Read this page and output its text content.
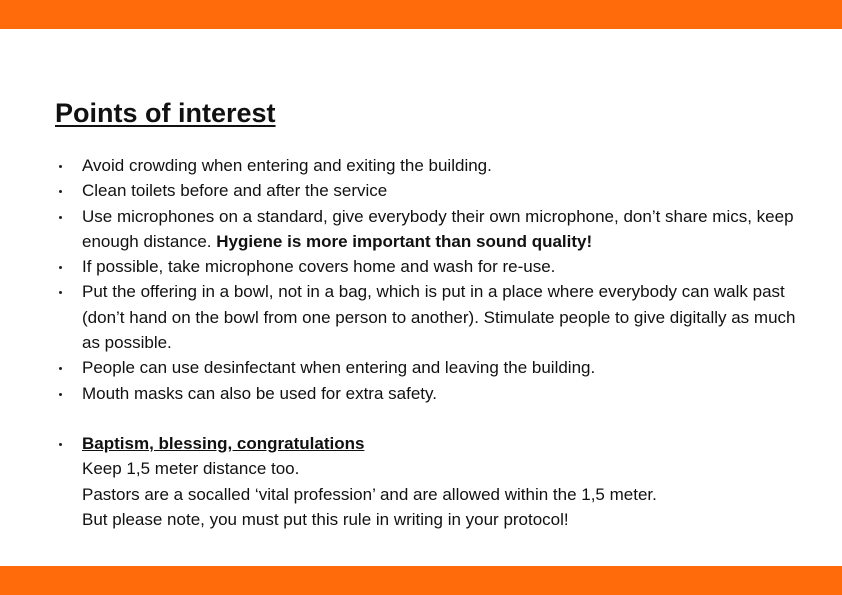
Points of interest
Avoid crowding when entering and exiting the building.
Clean toilets before and after the service
Use microphones on a standard, give everybody their own microphone, don’t share mics, keep enough distance. Hygiene is more important than sound quality!
If possible, take microphone covers home and wash for re-use.
Put the offering in a bowl, not in a bag, which is put in a place where everybody can walk past (don’t hand on the bowl from one person to another). Stimulate people to give digitally as much as possible.
People can use desinfectant when entering and leaving the building.
Mouth masks can also be used for extra safety.
Baptism, blessing, congratulations
Keep 1,5 meter distance too.
Pastors are a socalled ‘vital profession’ and are allowed within the 1,5 meter.
But please note, you must put this rule in writing in your protocol!
